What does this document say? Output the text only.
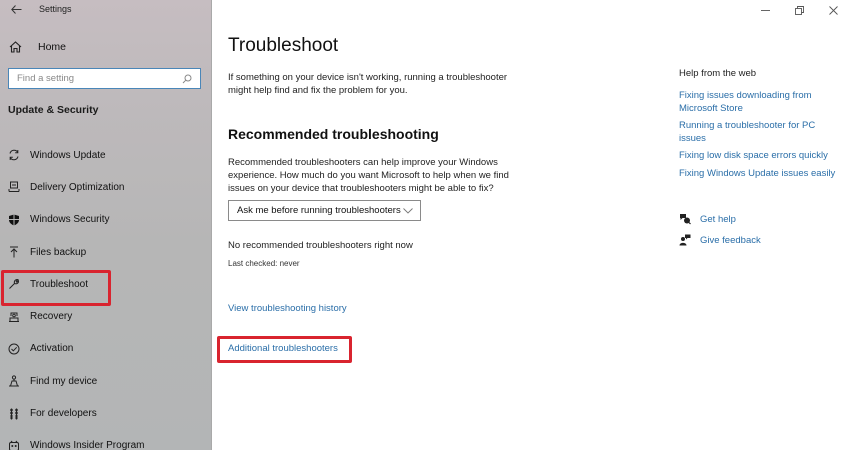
Settings
Home
Find a setting
Update & Security
Windows Update
Delivery Optimization
Windows Security
Files backup
Troubleshoot
Recovery
Activation
Find my device
For developers
Windows Insider Program
Troubleshoot

If something on your device isn't working, running a troubleshooter might help find and fix the problem for you.

Recommended troubleshooting

Recommended troubleshooters can help improve your Windows experience. How much do you want Microsoft to help when we find issues on your device that troubleshooters might be able to fix?

Ask me before running troubleshooters

No recommended troubleshooters right now

Last checked: never

View troubleshooting history
Additional troubleshooters
Help from the web
Fixing issues downloading from Microsoft Store
Running a troubleshooter for PC issues
Fixing low disk space errors quickly
Fixing Windows Update issues easily
Get help
Give feedback
